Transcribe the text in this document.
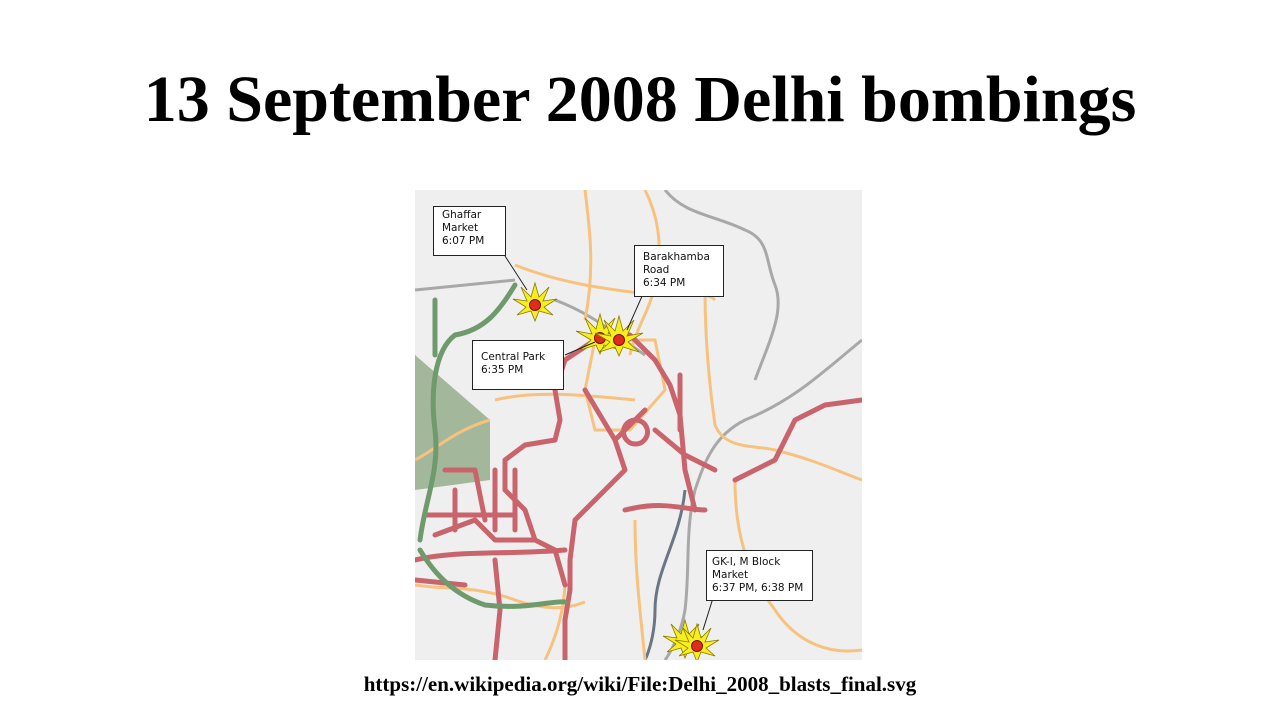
13 September 2008 Delhi bombings
Ghaffar
Market
6:07 PM
Barakhamba
Road
6:34 PM
Central Park
6:35 PM
GK-I, M Block
Market
6:37 PM, 6:38 PM
https://en.wikipedia.org/wiki/File:Delhi_2008_blasts_final.svg
